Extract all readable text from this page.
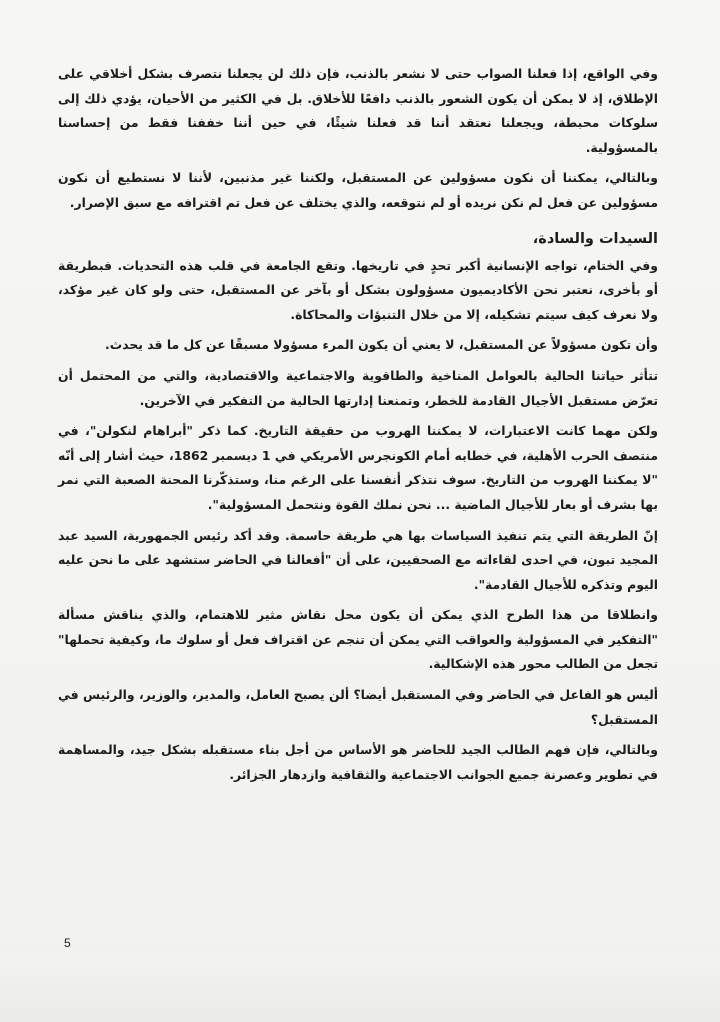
وفي الواقع، إذا فعلنا الصواب حتى لا نشعر بالذنب، فإن ذلك لن يجعلنا نتصرف بشكل أخلاقي على الإطلاق، إذ لا يمكن أن يكون الشعور بالذنب دافعًا للأخلاق. بل في الكثير من الأحيان، يؤدي ذلك إلى سلوكات محبطة، ويجعلنا نعتقد أننا قد فعلنا شيئًا، في حين أننا خففنا فقط من إحساسنا بالمسؤولية.

وبالتالي، يمكننا أن نكون مسؤولين عن المستقبل، ولكننا غير مذنبين، لأننا لا نستطيع أن نكون مسؤولين عن فعل لم نكن نريده أو لم نتوقعه، والذي يختلف عن فعل تم اقترافه مع سبق الإصرار.

السيدات والسادة،

وفي الختام، تواجه الإنسانية أكبر تحدٍ في تاريخها. وتقع الجامعة في قلب هذه التحديات. فبطريقة أو بأخرى، نعتبر نحن الأكاديميون مسؤولون بشكل أو بآخر عن المستقبل، حتى ولو كان غير مؤكد، ولا نعرف كيف سيتم تشكيله، إلا من خلال التنبؤات والمحاكاة.

وأن تكون مسؤولاً عن المستقبل، لا يعني أن يكون المرء مسؤولا مسبقًا عن كل ما قد يحدث.

تتأثر حياتنا الحالية بالعوامل المناخية والطاقوية والاجتماعية والاقتصادية، والتي من المحتمل أن تعرّض مستقبل الأجيال القادمة للخطر، وتمنعنا إدارتها الحالية من التفكير في الآخرين.

ولكن مهما كانت الاعتبارات، لا يمكننا الهروب من حقيقة التاريخ. كما ذكر "أبراهام لنكولن"، في منتصف الحرب الأهلية، في خطابه أمام الكونجرس الأمريكي في 1 ديسمبر 1862، حيث أشار إلى أنّه "لا يمكننا الهروب من التاريخ. سوف نتذكر أنفسنا على الرغم منا، وستذكّرنا المحنة الصعبة التي نمر بها بشرف أو بعار للأجيال الماضية ... نحن نملك القوة ونتحمل المسؤولية".

إنّ الطريقة التي يتم تنفيذ السياسات بها هي طريقة حاسمة. وقد أكد رئيس الجمهورية، السيد عبد المجيد تبون، في احدى لقاءاته مع الصحفيين، على أن "أفعالنا في الحاضر ستشهد على ما نحن عليه اليوم وتذكره للأجيال القادمة".

وانطلاقا من هذا الطرح الذي يمكن أن يكون محل نقاش مثير للاهتمام، والذي يناقش مسألة "التفكير في المسؤولية والعواقب التي يمكن أن تنجم عن اقتراف فعل أو سلوك ما، وكيفية تحملها" تجعل من الطالب محور هذه الإشكالية.

أليس هو الفاعل في الحاضر وفي المستقبل أيضا؟ ألن يصبح العامل، والمدير، والوزير، والرئيس في المستقبل؟

وبالتالي، فإن فهم الطالب الجيد للحاضر هو الأساس من أجل بناء مستقبله بشكل جيد، والمساهمة في تطوير وعصرنة جميع الجوانب الاجتماعية والثقافية وازدهار الجزائر.

5
